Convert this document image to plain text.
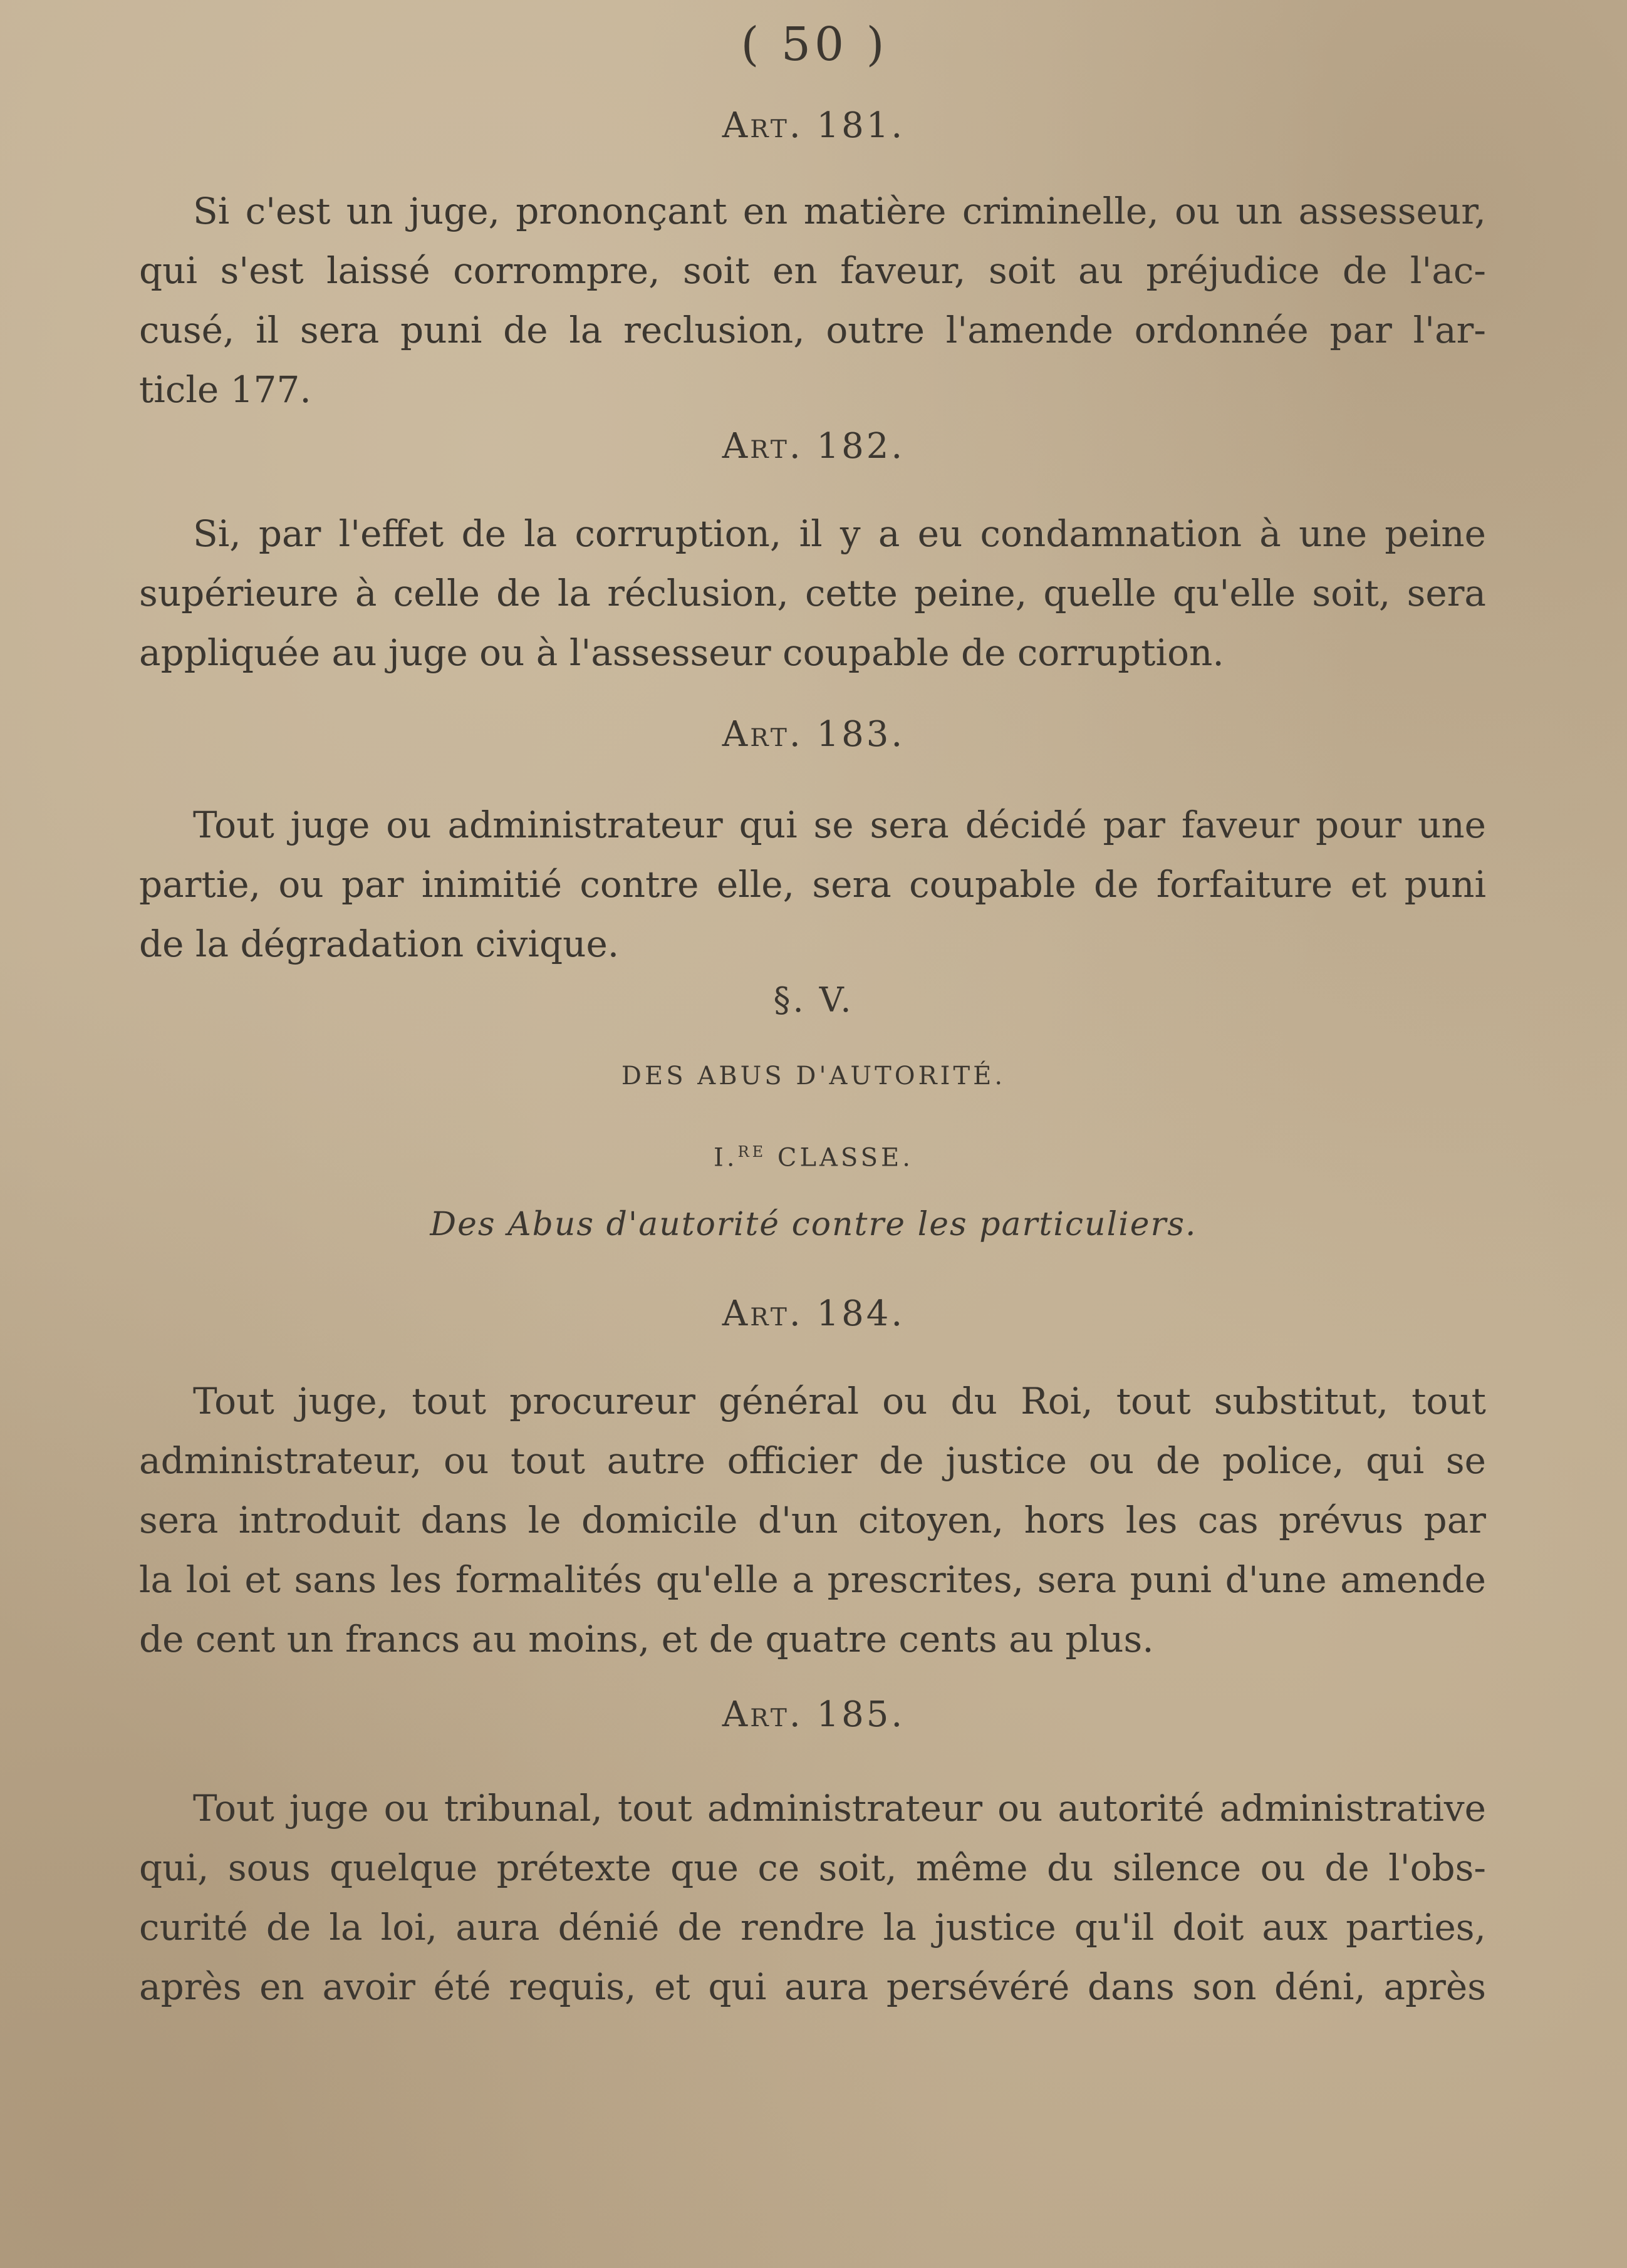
( 50 )
Art. 181.
Si c'est un juge, prononçant en matière criminelle, ou un assesseur,
qui s'est laissé corrompre, soit en faveur, soit au préjudice de l'ac-
cusé, il sera puni de la reclusion, outre l'amende ordonnée par l'ar-
ticle 177.
Art. 182.
Si, par l'effet de la corruption, il y a eu condamnation à une peine
supérieure à celle de la réclusion, cette peine, quelle qu'elle soit, sera
appliquée au juge ou à l'assesseur coupable de corruption.
Art. 183.
Tout juge ou administrateur qui se sera décidé par faveur pour une
partie, ou par inimitié contre elle, sera coupable de forfaiture et puni
de la dégradation civique.
§. V.
DES ABUS D'AUTORITÉ.
I.$^{RE}$ CLASSE.
Des Abus d'autorité contre les particuliers.
Art. 184.
Tout juge, tout procureur général ou du Roi, tout substitut, tout
administrateur, ou tout autre officier de justice ou de police, qui se
sera introduit dans le domicile d'un citoyen, hors les cas prévus par
la loi et sans les formalités qu'elle a prescrites, sera puni d'une amende
de cent un francs au moins, et de quatre cents au plus.
Art. 185.
Tout juge ou tribunal, tout administrateur ou autorité administrative
qui, sous quelque prétexte que ce soit, même du silence ou de l'obs-
curité de la loi, aura dénié de rendre la justice qu'il doit aux parties,
après en avoir été requis, et qui aura persévéré dans son déni, après
